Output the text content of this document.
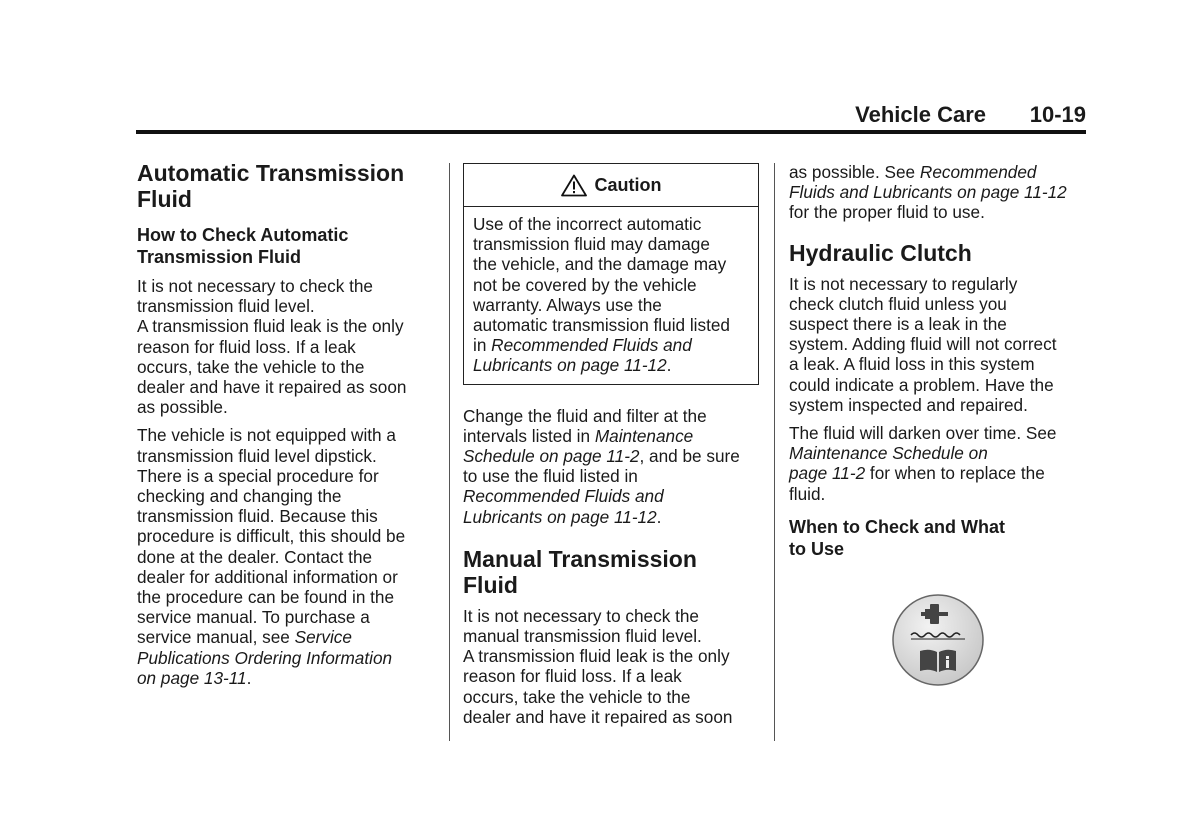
Vehicle Care 10-19
Automatic Transmission
Fluid
How to Check Automatic
Transmission Fluid

It is not necessary to check the
transmission fluid level.

A transmission fluid leak is the only
reason for fluid loss. If a leak
occurs, take the vehicle to the
dealer and have it repaired as soon
as possible.

The vehicle is not equipped with a
transmission fluid level dipstick.
There is a special procedure for
checking and changing the
transmission fluid. Because this
procedure is difficult, this should be
done at the dealer. Contact the
dealer for additional information or
the procedure can be found in the
service manual. To purchase a
service manual, see Service
Publications Ordering Information
on page 13-11.

Caution
Use of the incorrect automatic
transmission fluid may damage
the vehicle, and the damage may
not be covered by the vehicle
warranty. Always use the
automatic transmission fluid listed
in Recommended Fluids and
Lubricants on page 11-12.

Change the fluid and filter at the
intervals listed in Maintenance
Schedule on page 11-2, and be sure
to use the fluid listed in
Recommended Fluids and
Lubricants on page 11-12.

Manual Transmission
Fluid

It is not necessary to check the
manual transmission fluid level.

A transmission fluid leak is the only
reason for fluid loss. If a leak
occurs, take the vehicle to the
dealer and have it repaired as soon

as possible. See Recommended
Fluids and Lubricants on page 11-12
for the proper fluid to use.

Hydraulic Clutch

It is not necessary to regularly
check clutch fluid unless you
suspect there is a leak in the
system. Adding fluid will not correct
a leak. A fluid loss in this system
could indicate a problem. Have the
system inspected and repaired.

The fluid will darken over time. See
Maintenance Schedule on
page 11-2 for when to replace the
fluid.

When to Check and What
to Use
